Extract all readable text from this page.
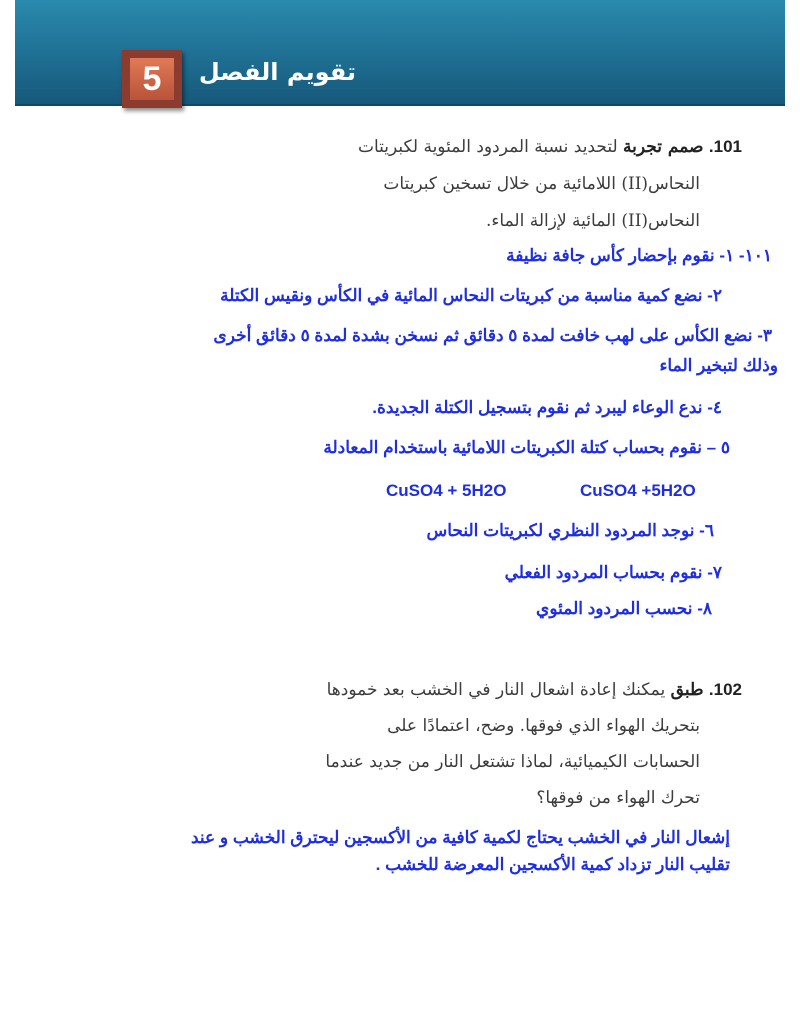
تقويم الفصل
5
101. صمم تجربة لتحديد نسبة المردود المئوية لكبريتات
النحاس(II) اللامائية من خلال تسخين كبريتات
النحاس(II) المائية لإزالة الماء.
١٠١- ١- نقوم بإحضار كأس جافة نظيفة
٢- نضع كمية مناسبة من كبريتات النحاس المائية في الكأس ونقيس الكتلة
٣- نضع الكأس على لهب خافت لمدة ٥ دقائق ثم نسخن بشدة لمدة ٥ دقائق أخرى
وذلك لتبخير الماء
٤- ندع الوعاء ليبرد ثم نقوم بتسجيل الكتلة الجديدة.
٥ – نقوم بحساب كتلة الكبريتات اللامائية باستخدام المعادلة
CuSO4 + 5H2O	CuSO4 +5H2O
٦- نوجد المردود النظري لكبريتات النحاس
٧- نقوم بحساب المردود الفعلي
٨- نحسب المردود المئوي
102. طبق يمكنك إعادة اشعال النار في الخشب بعد خمودها
بتحريك الهواء الذي فوقها. وضح، اعتمادًا على
الحسابات الكيميائية، لماذا تشتعل النار من جديد عندما
تحرك الهواء من فوقها؟
إشعال النار في الخشب يحتاج لكمية كافية من الأكسجين ليحترق الخشب و عند
تقليب النار تزداد كمية الأكسجين المعرضة للخشب .
